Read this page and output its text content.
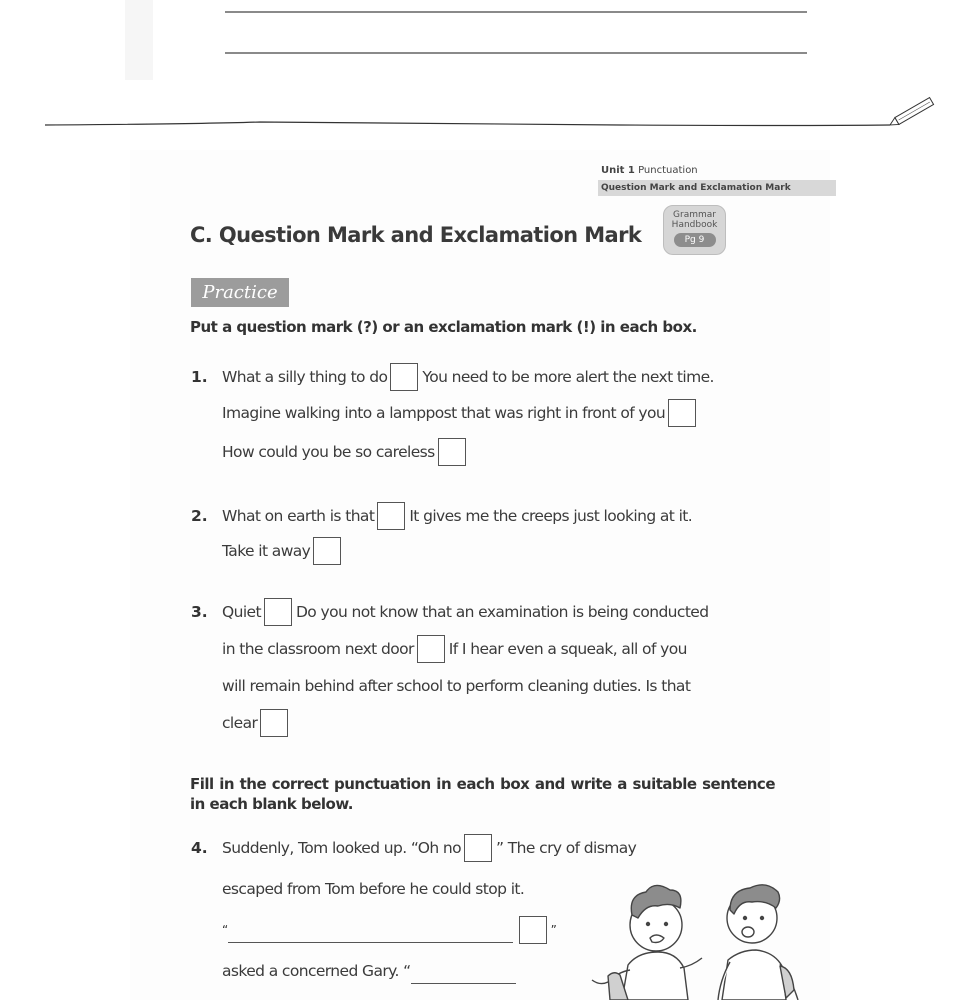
Unit 1 Punctuation
Question Mark and Exclamation Mark
C. Question Mark and Exclamation Mark
Grammar
Handbook
Pg 9
Practice
Put a question mark (?) or an exclamation mark (!) in each box.
1. What a silly thing to do You need to be more alert the next time.
Imagine walking into a lamppost that was right in front of you
How could you be so careless
2. What on earth is that It gives me the creeps just looking at it.
Take it away
3. Quiet Do you not know that an examination is being conducted
in the classroom next door If I hear even a squeak, all of you
will remain behind after school to perform cleaning duties. Is that
clear
Fill in the correct punctuation in each box and write a suitable sentence in each blank below.
4. Suddenly, Tom looked up. “Oh no ” The cry of dismay
escaped from Tom before he could stop it.
“	”
asked a concerned Gary. “
